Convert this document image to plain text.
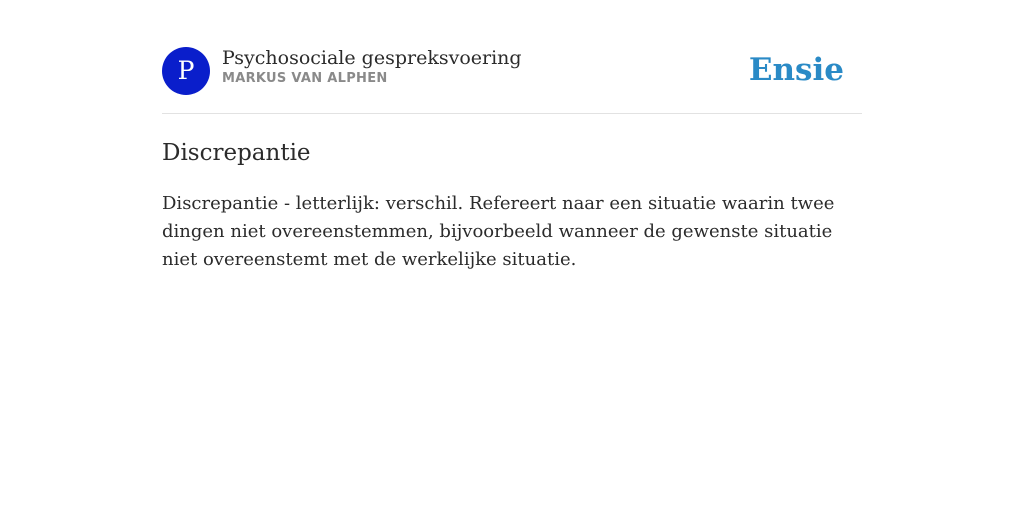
P	Psychosociale gespreksvoering
MARKUS VAN ALPHEN	Ensie
Discrepantie
Discrepantie - letterlijk: verschil. Refereert naar een situatie waarin twee dingen niet overeenstemmen, bijvoorbeeld wanneer de gewenste situatie niet overeenstemt met de werkelijke situatie.
